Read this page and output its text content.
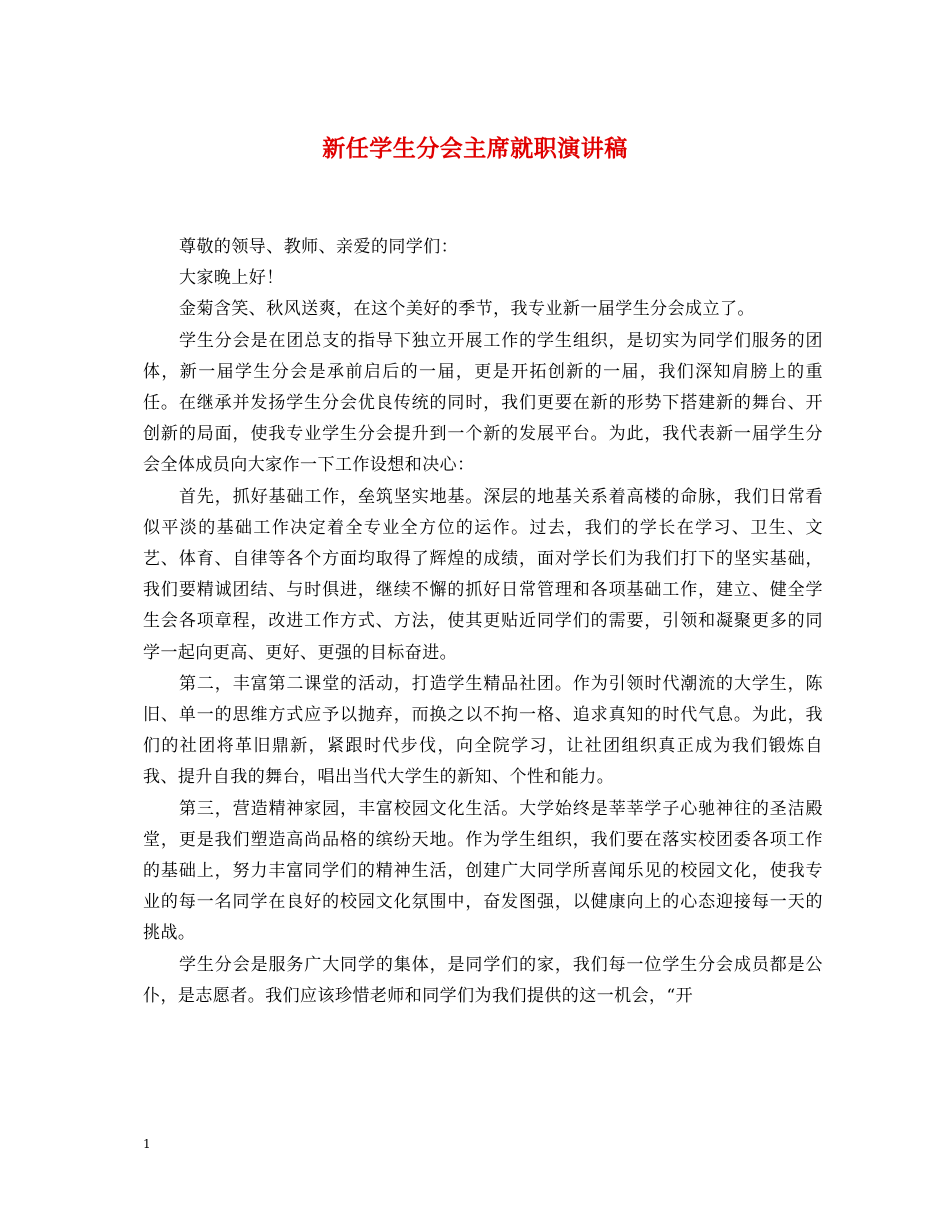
新任学生分会主席就职演讲稿

尊敬的领导、教师、亲爱的同学们：

大家晚上好！

金菊含笑、秋风送爽，在这个美好的季节，我专业新一届学生分会成立了。

学生分会是在团总支的指导下独立开展工作的学生组织，是切实为同学们服务的团体，新一届学生分会是承前启后的一届，更是开拓创新的一届，我们深知肩膀上的重任。在继承并发扬学生分会优良传统的同时，我们更要在新的形势下搭建新的舞台、开创新的局面，使我专业学生分会提升到一个新的发展平台。为此，我代表新一届学生分会全体成员向大家作一下工作设想和决心：

首先，抓好基础工作，垒筑坚实地基。深层的地基关系着高楼的命脉，我们日常看似平淡的基础工作决定着全专业全方位的运作。过去，我们的学长在学习、卫生、文艺、体育、自律等各个方面均取得了辉煌的成绩，面对学长们为我们打下的坚实基础，我们要精诚团结、与时俱进，继续不懈的抓好日常管理和各项基础工作，建立、健全学生会各项章程，改进工作方式、方法，使其更贴近同学们的需要，引领和凝聚更多的同学一起向更高、更好、更强的目标奋进。

第二，丰富第二课堂的活动，打造学生精品社团。作为引领时代潮流的大学生，陈旧、单一的思维方式应予以抛弃，而换之以不拘一格、追求真知的时代气息。为此，我们的社团将革旧鼎新，紧跟时代步伐，向全院学习，让社团组织真正成为我们锻炼自我、提升自我的舞台，唱出当代大学生的新知、个性和能力。

第三，营造精神家园，丰富校园文化生活。大学始终是莘莘学子心驰神往的圣洁殿堂，更是我们塑造高尚品格的缤纷天地。作为学生组织，我们要在落实校团委各项工作的基础上，努力丰富同学们的精神生活，创建广大同学所喜闻乐见的校园文化，使我专业的每一名同学在良好的校园文化氛围中，奋发图强，以健康向上的心态迎接每一天的挑战。

学生分会是服务广大同学的集体，是同学们的家，我们每一位学生分会成员都是公仆，是志愿者。我们应该珍惜老师和同学们为我们提供的这一机会，“开

1
